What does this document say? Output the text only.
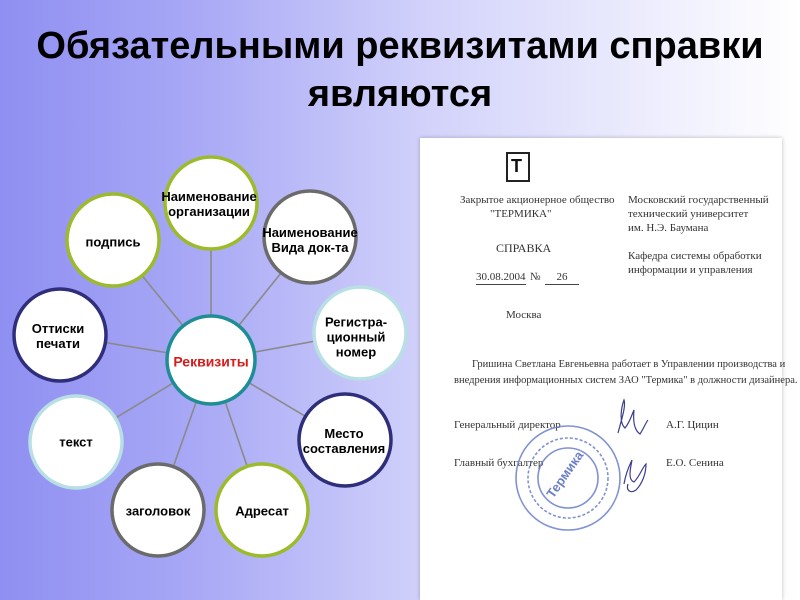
Обязательными реквизитами справки являются
Реквизиты
Наименование
организации
Наименование
Вида док-та
Регистра-
ционный
номер
Место
составления
Адресат
заголовок
текст
Оттиски
печати
подпись
T
Закрытое акционерное общество
"ТЕРМИКА"
СПРАВКА
30.08.2004 №	26
Москва
Московский государственный
технический университет
им. Н.Э. Баумана
Кафедра системы обработки
информации и управления
Гришина Светлана Евгеньевна работает в Управлении производства и
внедрения информационных систем ЗАО "Термика" в должности дизайнера.
Генеральный директор	А.Г. Цицин
Главный бухгалтер	Е.О. Сенина
Термика
